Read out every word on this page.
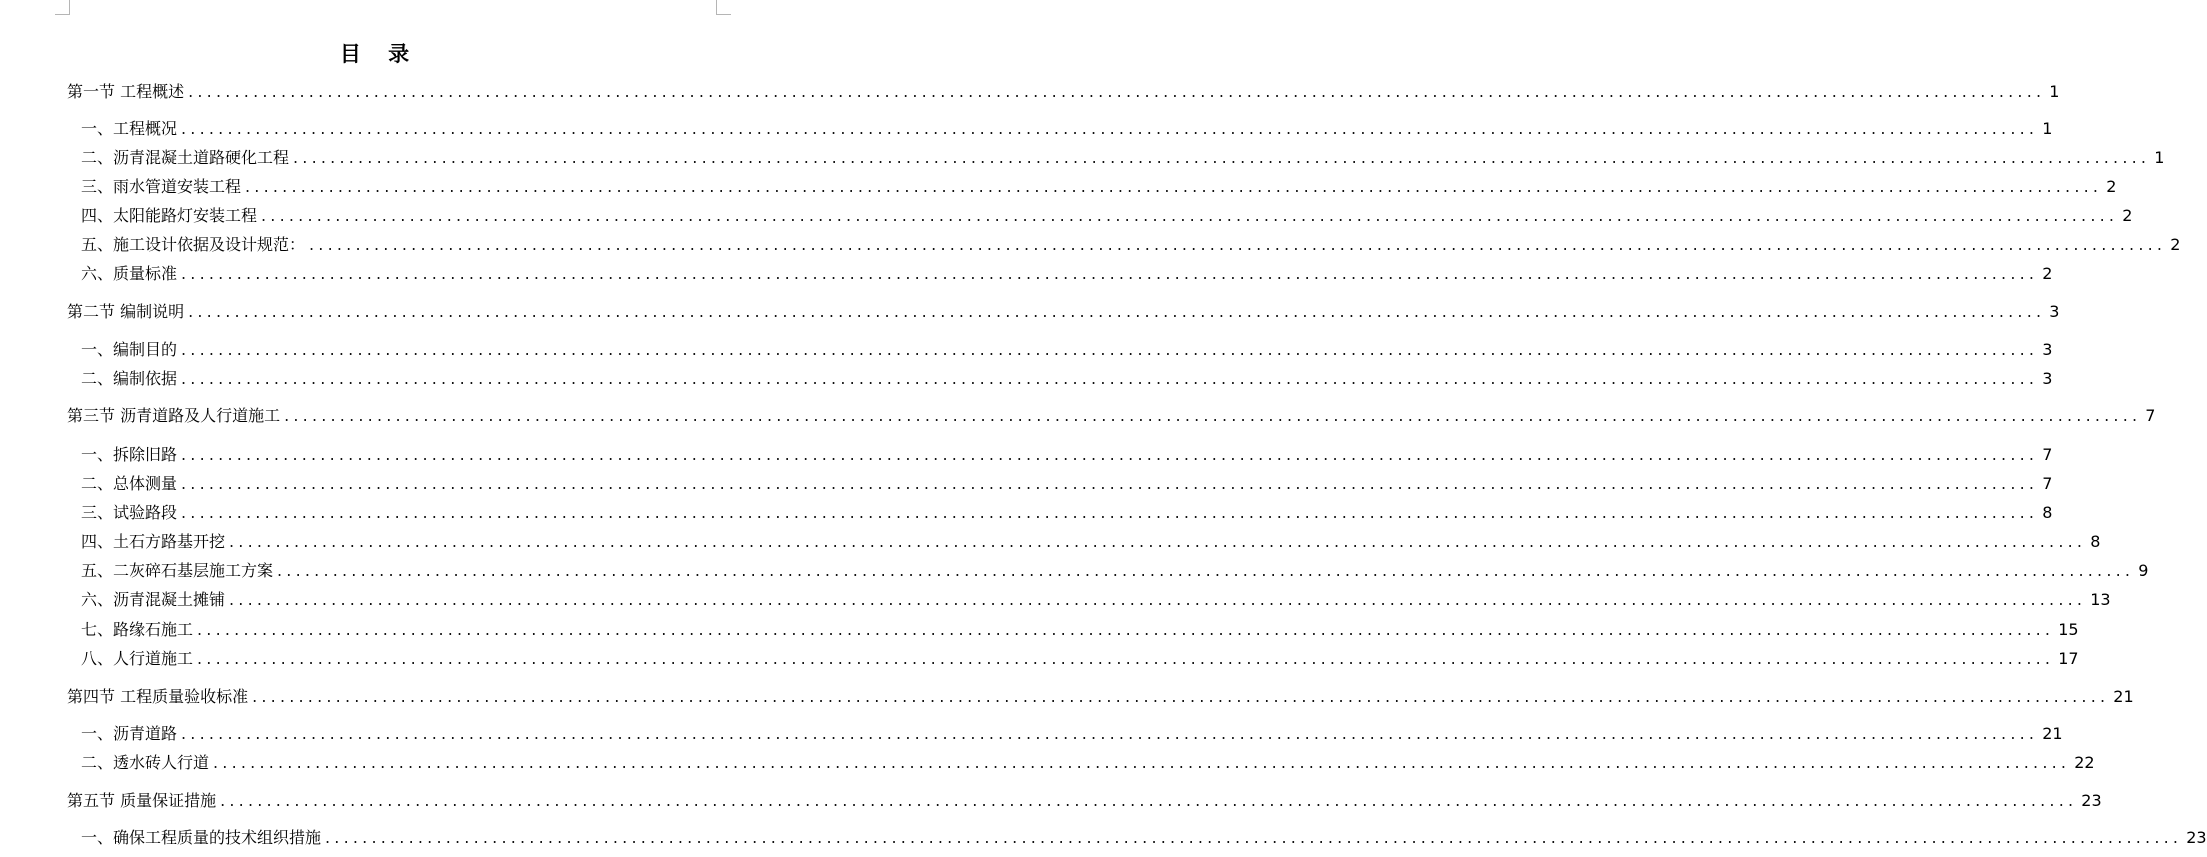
目 录
第一节 工程概述 ........................................................................................................................................................................................................ 1
一、工程概况 ........................................................................................................................................................................................................ 1
二、沥青混凝土道路硬化工程 ........................................................................................................................................................................................................ 1
三、雨水管道安装工程 ........................................................................................................................................................................................................ 2
四、太阳能路灯安装工程 ........................................................................................................................................................................................................ 2
五、施工设计依据及设计规范： ........................................................................................................................................................................................................ 2
六、质量标准 ........................................................................................................................................................................................................ 2
第二节 编制说明 ........................................................................................................................................................................................................ 3
一、编制目的 ........................................................................................................................................................................................................ 3
二、编制依据 ........................................................................................................................................................................................................ 3
第三节 沥青道路及人行道施工 ........................................................................................................................................................................................................ 7
一、拆除旧路 ........................................................................................................................................................................................................ 7
二、总体测量 ........................................................................................................................................................................................................ 7
三、试验路段 ........................................................................................................................................................................................................ 8
四、土石方路基开挖 ........................................................................................................................................................................................................ 8
五、二灰碎石基层施工方案 ........................................................................................................................................................................................................ 9
六、沥青混凝土摊铺 ........................................................................................................................................................................................................ 13
七、路缘石施工 ........................................................................................................................................................................................................ 15
八、人行道施工 ........................................................................................................................................................................................................ 17
第四节 工程质量验收标准 ........................................................................................................................................................................................................ 21
一、沥青道路 ........................................................................................................................................................................................................ 21
二、透水砖人行道 ........................................................................................................................................................................................................ 22
第五节 质量保证措施 ........................................................................................................................................................................................................ 23
一、确保工程质量的技术组织措施 ........................................................................................................................................................................................................ 23
